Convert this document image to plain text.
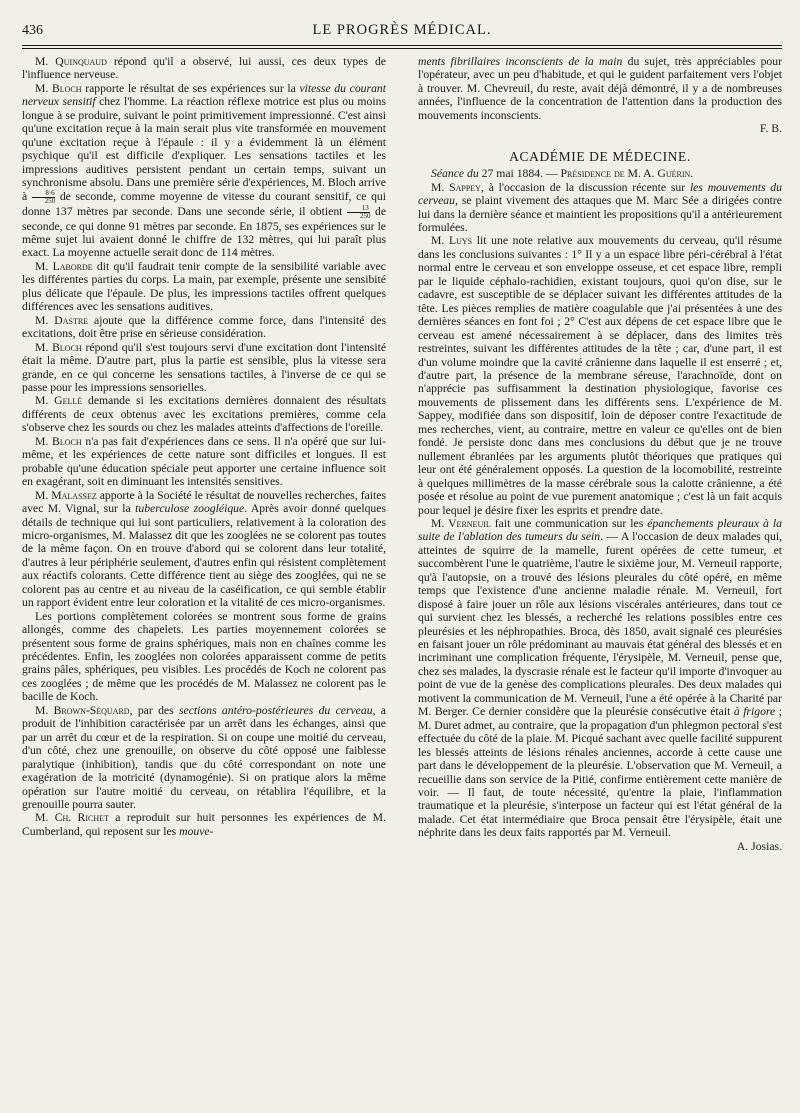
436	LE PROGRÈS MÉDICAL.

M. Quinquaud répond qu'il a observé, lui aussi, ces deux types de l'influence nerveuse.

M. Bloch rapporte le résultat de ses expériences sur la vitesse du courant nerveux sensitif chez l'homme. La réaction réflexe motrice est plus ou moins longue à se produire, suivant le point primitivement impressionné. C'est ainsi qu'une excitation reçue à la main serait plus vite transformée en mouvement qu'une excitation reçue à l'épaule : il y a évidemment là un élément psychique qu'il est difficile d'expliquer. Les sensations tactiles et les impressions auditives persistent pendant un certain temps, suivant un synchronisme absolu. Dans une première série d'expériences, M. Bloch arrive à $\frac{8\cdot 6}{250}$ de seconde, comme moyenne de vitesse du courant sensitif, ce qui donne 137 mètres par seconde. Dans une seconde série, il obtient $\frac{13}{250}$ de seconde, ce qui donne 91 mètres par seconde. En 1875, ses expériences sur le même sujet lui avaient donné le chiffre de 132 mètres, qui lui paraît plus exact. La moyenne actuelle serait donc de 114 mètres.

M. Laborde dit qu'il faudrait tenir compte de la sensibilité variable avec les différentes parties du corps. La main, par exemple, présente une sensibité plus délicate que l'épaule. De plus, les impressions tactiles offrent quelques différences avec les sensations auditives.

M. Dastre ajoute que la différence comme force, dans l'intensité des excitations, doit être prise en sérieuse considération.

M. Bloch répond qu'il s'est toujours servi d'une excitation dont l'intensité était la même. D'autre part, plus la partie est sensible, plus la vitesse sera grande, en ce qui concerne les sensations tactiles, à l'inverse de ce qui se passe pour les impressions sensorielles.

M. Gellé demande si les excitations dernières donnaient des résultats différents de ceux obtenus avec les excitations premières, comme cela s'observe chez les sourds ou chez les malades atteints d'affections de l'oreille.

M. Bloch n'a pas fait d'expériences dans ce sens. Il n'a opéré que sur lui-même, et les expériences de cette nature sont difficiles et longues. Il est probable qu'une éducation spéciale peut apporter une certaine influence soit en exagérant, soit en diminuant les intensités sensitives.

M. Malassez apporte à la Société le résultat de nouvelles recherches, faites avec M. Vignal, sur la tuberculose zoogléique. Après avoir donné quelques détails de technique qui lui sont particuliers, relativement à la coloration des micro-organismes, M. Malassez dit que les zooglées ne se colorent pas toutes de la même façon. On en trouve d'abord qui se colorent dans leur totalité, d'autres à leur périphérie seulement, d'autres enfin qui résistent complètement aux réactifs colorants. Cette différence tient au siège des zooglées, qui ne se colorent pas au centre et au niveau de la caséification, ce qui semble établir un rapport évident entre leur coloration et la vitalité de ces micro-organismes.

Les portions complètement colorées se montrent sous forme de grains allongés, comme des chapelets. Les parties moyennement colorées se présentent sous forme de grains sphériques, mais non en chaînes comme les précédentes. Enfin, les zooglées non colorées apparaissent comme de petits grains pâles, sphériques, peu visibles. Les procédés de Koch ne colorent pas ces zooglées ; de même que les procédés de M. Malassez ne colorent pas le bacille de Koch.

M. Brown-Séquard, par des sections antéro-postérieures du cerveau, a produit de l'inhibition caractérisée par un arrêt dans les échanges, ainsi que par un arrêt du cœur et de la respiration. Si on coupe une moitié du cerveau, d'un côté, chez une grenouille, on observe du côté opposé une faiblesse paralytique (inhibition), tandis que du côté correspondant on note une exagération de la motricité (dynamogénie). Si on pratique alors la même opération sur l'autre moitié du cerveau, on rétablira l'équilibre, et la grenouille pourra sauter.

M. Ch. Richet a reproduit sur huit personnes les expériences de M. Cumberland, qui reposent sur les mouve-

ments fibrillaires inconscients de la main du sujet, très appréciables pour l'opérateur, avec un peu d'habitude, et qui le guident parfaitement vers l'objet à trouver. M. Chevreuil, du reste, avait déjà démontré, il y a de nombreuses années, l'influence de la concentration de l'attention dans la production des mouvements inconscients.

F. B.
ACADÉMIE DE MÉDECINE.

Séance du 27 mai 1884. — Présidence de M. A. Guérin.

M. Sappey, à l'occasion de la discussion récente sur les mouvements du cerveau, se plaint vivement des attaques que M. Marc Sée a dirigées contre lui dans la dernière séance et maintient les propositions qu'il a antérieurement formulées.

M. Luys lit une note relative aux mouvements du cerveau, qu'il résume dans les conclusions suivantes : 1° Il y a un espace libre péri-cérébral à l'état normal entre le cerveau et son enveloppe osseuse, et cet espace libre, rempli par le liquide céphalo-rachidien, existant toujours, quoi qu'on dise, sur le cadavre, est susceptible de se déplacer suivant les différentes attitudes de la tête. Les pièces remplies de matière coagulable que j'ai présentées à une des dernières séances en font foi ; 2° C'est aux dépens de cet espace libre que le cerveau est amené nécessairement à se déplacer, dans des limites très restreintes, suivant les différentes attitudes de la tête ; car, d'une part, il est d'un volume moindre que la cavité crânienne dans laquelle il est enserré ; et, d'autre part, la présence de la membrane séreuse, l'arachnoïde, dont on n'apprécie pas suffisamment la destination physiologique, favorise ces mouvements de plissement dans les différents sens. L'expérience de M. Sappey, modifiée dans son dispositif, loin de déposer contre l'exactitude de mes recherches, vient, au contraire, mettre en valeur ce qu'elles ont de bien fondé. Je persiste donc dans mes conclusions du début que je ne trouve nullement ébranlées par les arguments plutôt théoriques que pratiques qui leur ont été généralement opposés. La question de la locomobilité, restreinte à quelques millimètres de la masse cérébrale sous la calotte crânienne, a été posée et résolue au point de vue purement anatomique ; c'est là un fait acquis pour lequel je désire fixer les esprits et prendre date.

M. Verneuil fait une communication sur les épanchements pleuraux à la suite de l'ablation des tumeurs du sein. — A l'occasion de deux malades qui, atteintes de squirre de la mamelle, furent opérées de cette tumeur, et succombèrent l'une le quatrième, l'autre le sixième jour, M. Verneuil rapporte, qu'à l'autopsie, on a trouvé des lésions pleurales du côté opéré, en même temps que l'existence d'une ancienne maladie rénale. M. Verneuil, fort disposé à faire jouer un rôle aux lésions viscérales antérieures, dans tout ce qui survient chez les blessés, a recherché les relations possibles entre ces pleurésies et les néphropathies. Broca, dès 1850, avait signalé ces pleurésies en faisant jouer un rôle prédominant au mauvais état général des blessés et en incriminant une complication fréquente, l'érysipèle, M. Verneuil, pense que, chez ses malades, la dyscrasie rénale est le facteur qu'il importe d'invoquer au point de vue de la genèse des complications pleurales. Des deux malades qui motivent la communication de M. Verneuil, l'une a été opérée à la Charité par M. Berger. Ce dernier considère que la pleurésie consécutive était à frigore ; M. Duret admet, au contraire, que la propagation d'un phlegmon pectoral s'est effectuée du côté de la plaie. M. Picqué sachant avec quelle facilité suppurent les blessés atteints de lésions rénales anciennes, accorde à cette cause une part dans le développement de la pleurésie. L'observation que M. Verneuil, a recueillie dans son service de la Pitié, confirme entièrement cette manière de voir. — Il faut, de toute nécessité, qu'entre la plaie, l'inflammation traumatique et la pleurésie, s'interpose un facteur qui est l'état général de la malade. Cet état intermédiaire que Broca pensait être l'érysipèle, était une néphrite dans les deux faits rapportés par M. Verneuil.

A. Josias.
